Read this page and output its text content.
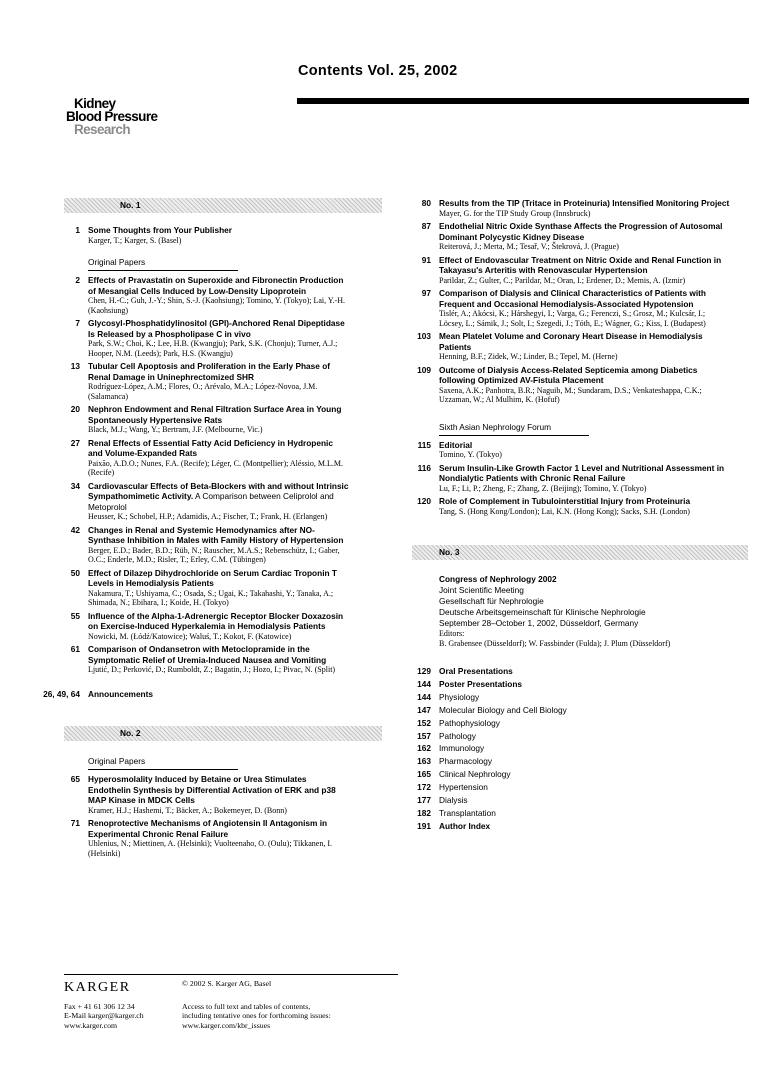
Contents Vol. 25, 2002
Kidney
Blood Pressure
Research
No. 1
1 Some Thoughts from Your Publisher
Karger, T.; Karger, S. (Basel)
Original Papers
2 Effects of Pravastatin on Superoxide and Fibronectin Production of Mesangial Cells Induced by Low-Density Lipoprotein
Chen, H.-C.; Guh, J.-Y.; Shin, S.-J. (Kaohsiung); Tomino, Y. (Tokyo); Lai, Y.-H. (Kaohsiung)
7 Glycosyl-Phosphatidylinositol (GPI)-Anchored Renal Dipeptidase Is Released by a Phospholipase C in vivo
Park, S.W.; Choi, K.; Lee, H.B. (Kwangju); Park, S.K. (Chonju); Turner, A.J.; Hooper, N.M. (Leeds); Park, H.S. (Kwangju)
13 Tubular Cell Apoptosis and Proliferation in the Early Phase of Renal Damage in Uninephrectomized SHR
Rodríguez-López, A.M.; Flores, O.; Arévalo, M.A.; López-Novoa, J.M. (Salamanca)
20 Nephron Endowment and Renal Filtration Surface Area in Young Spontaneously Hypertensive Rats
Black, M.J.; Wang, Y.; Bertram, J.F. (Melbourne, Vic.)
27 Renal Effects of Essential Fatty Acid Deficiency in Hydropenic and Volume-Expanded Rats
Paixão, A.D.O.; Nunes, F.A. (Recife); Léger, C. (Montpellier); Aléssio, M.L.M. (Recife)
34 Cardiovascular Effects of Beta-Blockers with and without Intrinsic Sympathomimetic Activity. A Comparison between Celiprolol and Metoprolol
Heusser, K.; Schobel, H.P.; Adamidis, A.; Fischer, T.; Frank, H. (Erlangen)
42 Changes in Renal and Systemic Hemodynamics after NO-Synthase Inhibition in Males with Family History of Hypertension
Berger, E.D.; Bader, B.D.; Rüb, N.; Rauscher, M.A.S.; Rebenschütz, I.; Gaber, O.C.; Enderle, M.D.; Risler, T.; Erley, C.M. (Tübingen)
50 Effect of Dilazep Dihydrochloride on Serum Cardiac Troponin T Levels in Hemodialysis Patients
Nakamura, T.; Ushiyama, C.; Osada, S.; Ugai, K.; Takahashi, Y.; Tanaka, A.; Shimada, N.; Ebihara, I.; Koide, H. (Tokyo)
55 Influence of the Alpha-1-Adrenergic Receptor Blocker Doxazosin on Exercise-Induced Hyperkalemia in Hemodialysis Patients
Nowicki, M. (Łódź/Katowice); Waluś, T.; Kokot, F. (Katowice)
61 Comparison of Ondansetron with Metoclopramide in the Symptomatic Relief of Uremia-Induced Nausea and Vomiting
Ljutić, D.; Perković, D.; Rumboldt, Z.; Bagatin, J.; Hozo, I.; Pivac, N. (Split)
26, 49, 64 Announcements
No. 2
Original Papers
65 Hyperosmolality Induced by Betaine or Urea Stimulates Endothelin Synthesis by Differential Activation of ERK and p38 MAP Kinase in MDCK Cells
Kramer, H.J.; Hashemi, T.; Bäcker, A.; Bokemeyer, D. (Bonn)
71 Renoprotective Mechanisms of Angiotensin II Antagonism in Experimental Chronic Renal Failure
Uhlenius, N.; Miettinen, A. (Helsinki); Vuolteenaho, O. (Oulu); Tikkanen, I. (Helsinki)
80 Results from the TIP (Tritace in Proteinuria) Intensified Monitoring Project
Mayer, G. for the TIP Study Group (Innsbruck)
87 Endothelial Nitric Oxide Synthase Affects the Progression of Autosomal Dominant Polycystic Kidney Disease
Reiterová, J.; Merta, M.; Tesař, V.; Štekrová, J. (Prague)
91 Effect of Endovascular Treatment on Nitric Oxide and Renal Function in Takayasu's Arteritis with Renovascular Hypertension
Parildar, Z.; Gulter, C.; Parildar, M.; Oran, I.; Erdener, D.; Memis, A. (Izmir)
97 Comparison of Dialysis and Clinical Characteristics of Patients with Frequent and Occasional Hemodialysis-Associated Hypotension
Tislér, A.; Akócsi, K.; Hárshegyi, I.; Varga, G.; Ferenczi, S.; Grosz, M.; Kulcsár, I.; Löcsey, L.; Sámik, J.; Solt, I.; Szegedi, J.; Tóth, E.; Wágner, G.; Kiss, I. (Budapest)
103 Mean Platelet Volume and Coronary Heart Disease in Hemodialysis Patients
Henning, B.F.; Zidek, W.; Linder, B.; Tepel, M. (Herne)
109 Outcome of Dialysis Access-Related Septicemia among Diabetics following Optimized AV-Fistula Placement
Saxena, A.K.; Panhotra, B.R.; Naguib, M.; Sundaram, D.S.; Venkateshappa, C.K.; Uzzaman, W.; Al Mulhim, K. (Hofuf)
Sixth Asian Nephrology Forum
115 Editorial
Tomino, Y. (Tokyo)
116 Serum Insulin-Like Growth Factor 1 Level and Nutritional Assessment in Nondialytic Patients with Chronic Renal Failure
Lu, F.; Li, P.; Zheng, F.; Zhang, Z. (Beijing); Tomino, Y. (Tokyo)
120 Role of Complement in Tubulointerstitial Injury from Proteinuria
Tang, S. (Hong Kong/London); Lai, K.N. (Hong Kong); Sacks, S.H. (London)
No. 3
Congress of Nephrology 2002
Joint Scientific Meeting
Gesellschaft für Nephrologie
Deutsche Arbeitsgemeinschaft für Klinische Nephrologie
September 28–October 1, 2002, Düsseldorf, Germany
Editors:
B. Grabensee (Düsseldorf); W. Fassbinder (Fulda); J. Plum (Düsseldorf)
129 Oral Presentations
144 Poster Presentations
144 Physiology
147 Molecular Biology and Cell Biology
152 Pathophysiology
157 Pathology
162 Immunology
163 Pharmacology
165 Clinical Nephrology
172 Hypertension
177 Dialysis
182 Transplantation
191 Author Index
KARGER	© 2002 S. Karger AG, Basel
Fax + 41 61 306 12 34
E-Mail karger@karger.ch
www.karger.com
Access to full text and tables of contents,
including tentative ones for forthcoming issues:
www.karger.com/kbr_issues
